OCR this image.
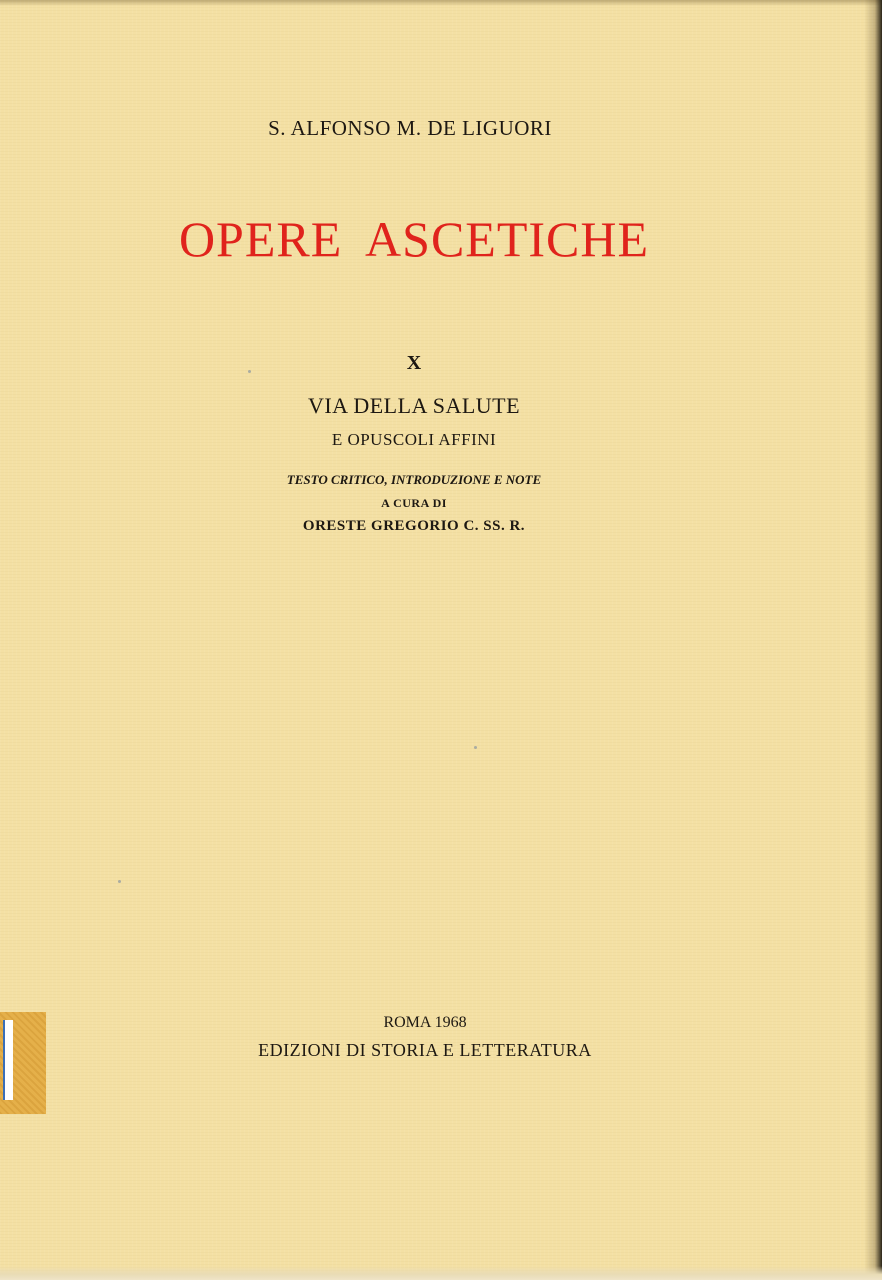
S. ALFONSO M. DE LIGUORI
OPERE ASCETICHE
X
VIA DELLA SALUTE
E OPUSCOLI AFFINI
TESTO CRITICO, INTRODUZIONE E NOTE
A CURA DI
ORESTE GREGORIO C. SS. R.
ROMA 1968
EDIZIONI DI STORIA E LETTERATURA
